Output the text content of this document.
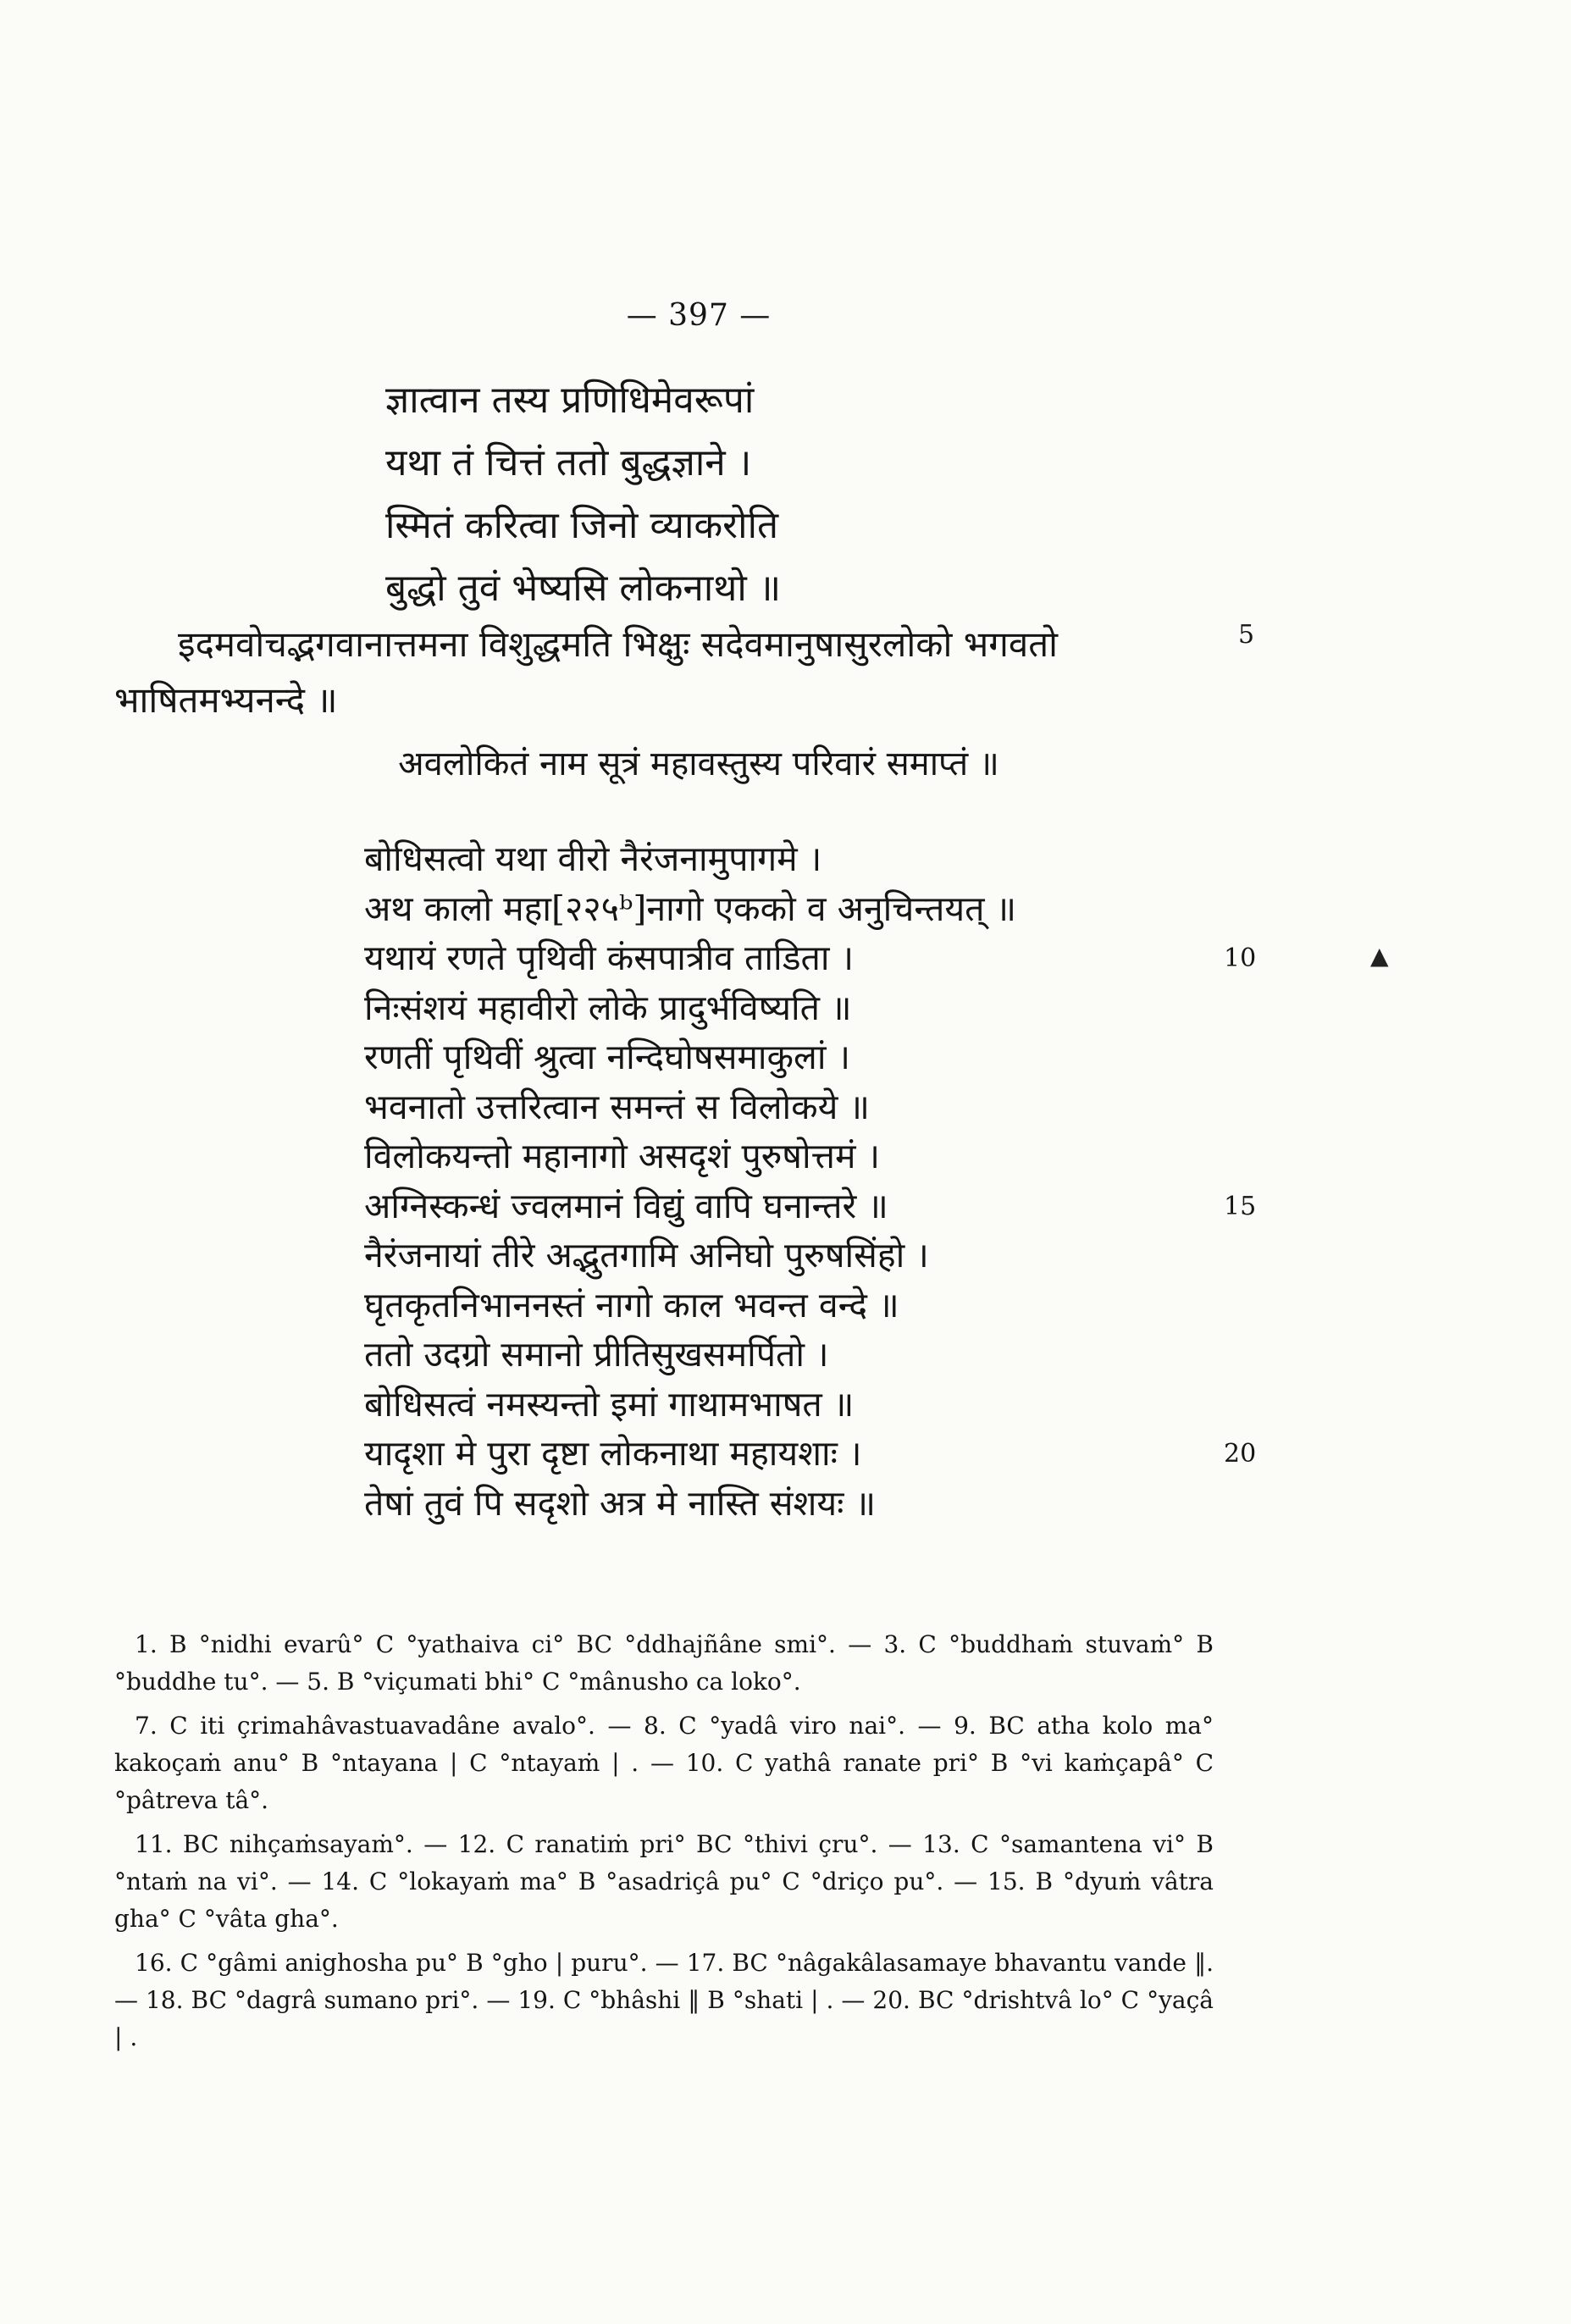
— 397 —
ज्ञात्वान तस्य प्रणिधिमेवरूपां
यथा तं चित्तं ततो बुद्धज्ञाने ।
स्मितं करित्वा जिनो व्याकरोति
बुद्धो तुवं भेष्यसि लोकनाथो ॥
इदमवोचद्भगवानात्तमना विशुद्धमति भिक्षुः सदेवमानुषासुरलोको भगवतो भाषितमभ्यनन्दे ॥
5
अवलोकितं नाम सूत्रं महावस्तुस्य परिवारं समाप्तं ॥
बोधिसत्वो यथा वीरो नैरंजनामुपागमे ।
अथ कालो महा[२२५ᵇ]नागो एकको व अनुचिन्तयत् ॥
यथायं रणते पृथिवी कंसपात्रीव ताडिता ।	10
निःसंशयं महावीरो लोके प्रादुर्भविष्यति ॥
रणतीं पृथिवीं श्रुत्वा नन्दिघोषसमाकुलां ।
भवनातो उत्तरित्वान समन्तं स विलोकये ॥
विलोकयन्तो महानागो असदृशं पुरुषोत्तमं ।
अग्निस्कन्धं ज्वलमानं विद्युं वापि घनान्तरे ॥	15
नैरंजनायां तीरे अद्भुतगामि अनिघो पुरुषसिंहो ।
घृतकृतनिभाननस्तं नागो काल भवन्त वन्दे ॥
ततो उदग्रो समानो प्रीतिसुखसमर्पितो ।
बोधिसत्वं नमस्यन्तो इमां गाथामभाषत ॥
यादृशा मे पुरा दृष्टा लोकनाथा महायशाः ।	20
तेषां तुवं पि सदृशो अत्र मे नास्ति संशयः ॥
▲

1. B °nidhi evarû° C °yathaiva ci° BC °ddhajñâne smi°. — 3. C °buddhaṁ stuvaṁ° B °buddhe tu°. — 5. B °viçumati bhi° C °mânusho ca loko°.

7. C iti çrimahâvastuavadâne avalo°. — 8. C °yadâ viro nai°. — 9. BC atha kolo ma° kakoçaṁ anu° B °ntayana | C °ntayaṁ | . — 10. C yathâ ranate pri° B °vi kaṁçapâ° C °pâtreva tâ°.

11. BC nihçaṁsayaṁ°. — 12. C ranatiṁ pri° BC °thivi çru°. — 13. C °samantena vi° B °ntaṁ na vi°. — 14. C °lokayaṁ ma° B °asadriçâ pu° C °driço pu°. — 15. B °dyuṁ vâtra gha° C °vâta gha°.

16. C °gâmi anighosha pu° B °gho | puru°. — 17. BC °nâgakâlasamaye bhavantu vande ‖. — 18. BC °dagrâ sumano pri°. — 19. C °bhâshi ‖ B °shati | . — 20. BC °drishtvâ lo° C °yaçâ | .
